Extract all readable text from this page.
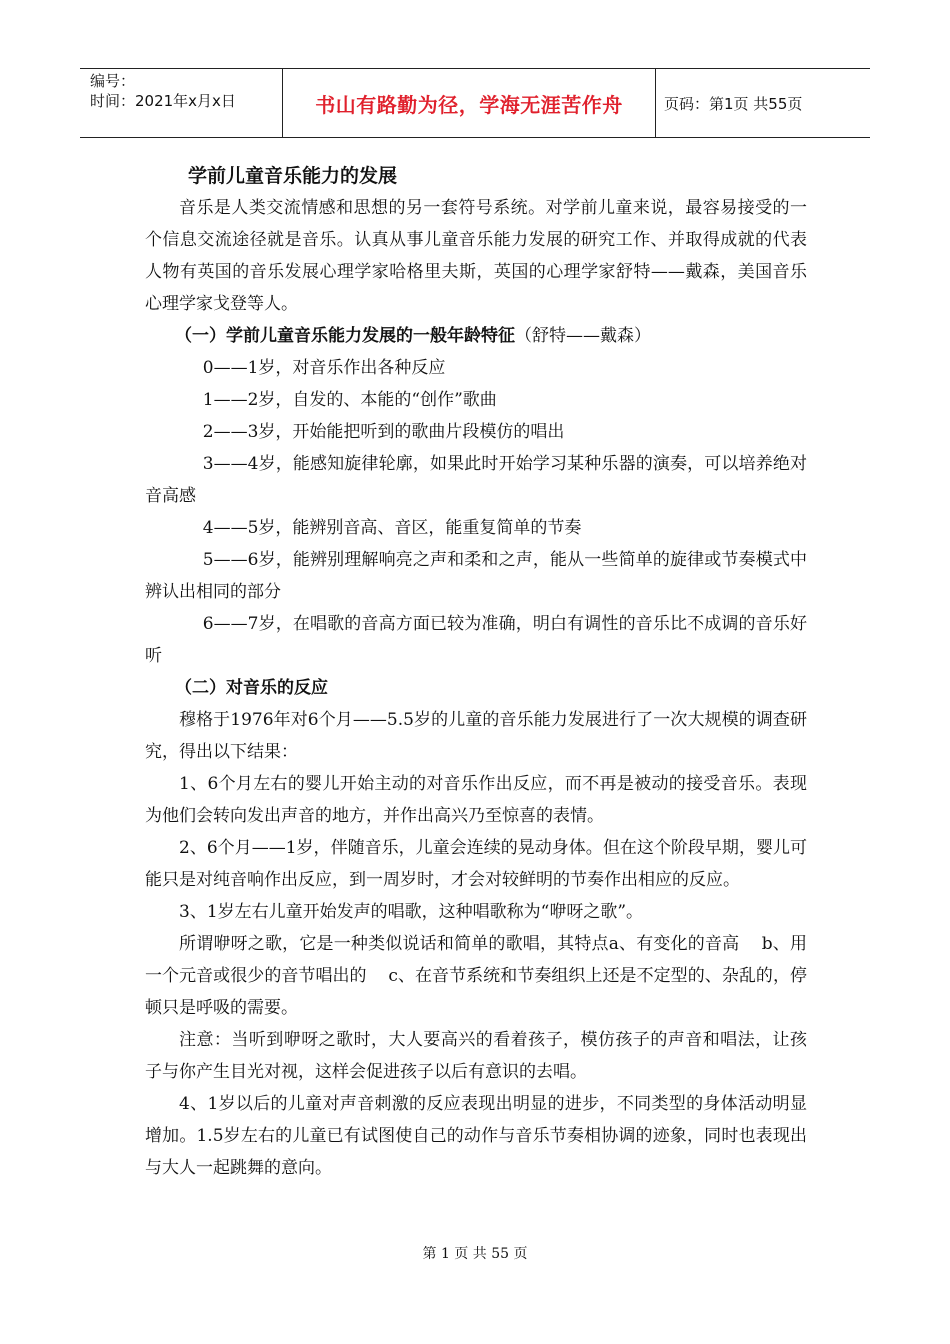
编号：
时间：2021年x月x日	书山有路勤为径，学海无涯苦作舟	页码：第1页 共55页
学前儿童音乐能力的发展

音乐是人类交流情感和思想的另一套符号系统。对学前儿童来说，最容易接受的一个信息交流途径就是音乐。认真从事儿童音乐能力发展的研究工作、并取得成就的代表人物有英国的音乐发展心理学家哈格里夫斯，英国的心理学家舒特——戴森，美国音乐心理学家戈登等人。

（一）学前儿童音乐能力发展的一般年龄特征（舒特——戴森）

0——1岁，对音乐作出各种反应

1——2岁，自发的、本能的“创作”歌曲

2——3岁，开始能把听到的歌曲片段模仿的唱出

3——4岁，能感知旋律轮廓，如果此时开始学习某种乐器的演奏，可以培养绝对音高感

4——5岁，能辨别音高、音区，能重复简单的节奏

5——6岁，能辨别理解响亮之声和柔和之声，能从一些简单的旋律或节奏模式中辨认出相同的部分

6——7岁，在唱歌的音高方面已较为准确，明白有调性的音乐比不成调的音乐好听

（二）对音乐的反应

穆格于1976年对6个月——5.5岁的儿童的音乐能力发展进行了一次大规模的调查研究，得出以下结果：

1、6个月左右的婴儿开始主动的对音乐作出反应，而不再是被动的接受音乐。表现为他们会转向发出声音的地方，并作出高兴乃至惊喜的表情。

2、6个月——1岁，伴随音乐，儿童会连续的晃动身体。但在这个阶段早期，婴儿可能只是对纯音响作出反应，到一周岁时，才会对较鲜明的节奏作出相应的反应。

3、1岁左右儿童开始发声的唱歌，这种唱歌称为“咿呀之歌”。

所谓咿呀之歌，它是一种类似说话和简单的歌唱，其特点a、有变化的音高    b、用一个元音或很少的音节唱出的    c、在音节系统和节奏组织上还是不定型的、杂乱的，停顿只是呼吸的需要。

注意：当听到咿呀之歌时，大人要高兴的看着孩子，模仿孩子的声音和唱法，让孩子与你产生目光对视，这样会促进孩子以后有意识的去唱。

4、1岁以后的儿童对声音刺激的反应表现出明显的进步，不同类型的身体活动明显增加。1.5岁左右的儿童已有试图使自己的动作与音乐节奏相协调的迹象，同时也表现出与大人一起跳舞的意向。

第 1 页 共 55 页
